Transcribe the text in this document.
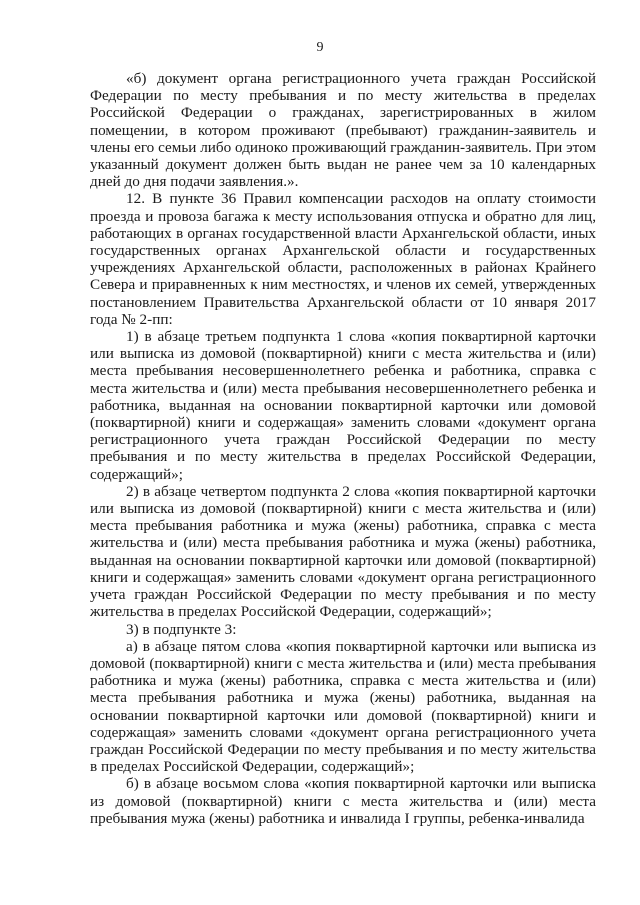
9

«б) документ органа регистрационного учета граждан Российской Федерации по месту пребывания и по месту жительства в пределах Российской Федерации о гражданах, зарегистрированных в жилом помещении, в котором проживают (пребывают) гражданин-заявитель и члены его семьи либо одиноко проживающий гражданин-заявитель. При этом указанный документ должен быть выдан не ранее чем за 10 календарных дней до дня подачи заявления.».

12. В пункте 36 Правил компенсации расходов на оплату стоимости проезда и провоза багажа к месту использования отпуска и обратно для лиц, работающих в органах государственной власти Архангельской области, иных государственных органах Архангельской области и государственных учреждениях Архангельской области, расположенных в районах Крайнего Севера и приравненных к ним местностях, и членов их семей, утвержденных постановлением Правительства Архангельской области от 10 января 2017 года № 2-пп:

1) в абзаце третьем подпункта 1 слова «копия поквартирной карточки или выписка из домовой (поквартирной) книги с места жительства и (или) места пребывания несовершеннолетнего ребенка и работника, справка с места жительства и (или) места пребывания несовершеннолетнего ребенка и работника, выданная на основании поквартирной карточки или домовой (поквартирной) книги и содержащая» заменить словами «документ органа регистрационного учета граждан Российской Федерации по месту пребывания и по месту жительства в пределах Российской Федерации, содержащий»;

2) в абзаце четвертом подпункта 2 слова «копия поквартирной карточки или выписка из домовой (поквартирной) книги с места жительства и (или) места пребывания работника и мужа (жены) работника, справка с места жительства и (или) места пребывания работника и мужа (жены) работника, выданная на основании поквартирной карточки или домовой (поквартирной) книги и содержащая» заменить словами «документ органа регистрационного учета граждан Российской Федерации по месту пребывания и по месту жительства в пределах Российской Федерации, содержащий»;

3) в подпункте 3:

а) в абзаце пятом слова «копия поквартирной карточки или выписка из домовой (поквартирной) книги с места жительства и (или) места пребывания работника и мужа (жены) работника, справка с места жительства и (или) места пребывания работника и мужа (жены) работника, выданная на основании поквартирной карточки или домовой (поквартирной) книги и содержащая» заменить словами «документ органа регистрационного учета граждан Российской Федерации по месту пребывания и по месту жительства в пределах Российской Федерации, содержащий»;

б) в абзаце восьмом слова «копия поквартирной карточки или выписка из домовой (поквартирной) книги с места жительства и (или) места пребывания мужа (жены) работника и инвалида I группы, ребенка-инвалида
